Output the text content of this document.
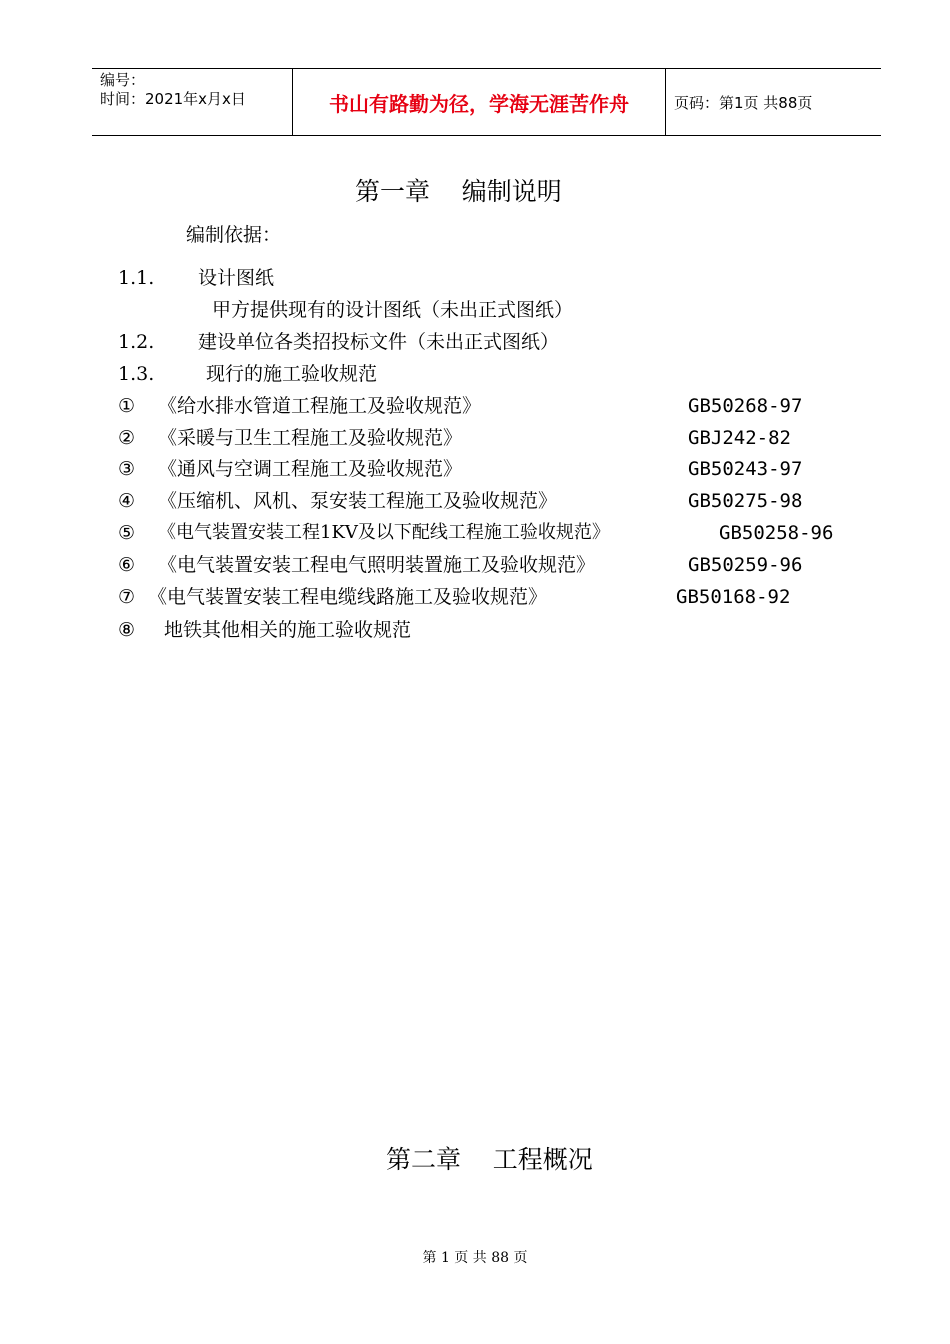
编号：
时间：2021年x月x日	书山有路勤为径，学海无涯苦作舟	页码：第1页 共88页
第一章    编制说明
编制依据：
1.1. 设计图纸
甲方提供现有的设计图纸（未出正式图纸）
1.2. 建设单位各类招投标文件（未出正式图纸）
1.3.	现行的施工验收规范
① 《给水排水管道工程施工及验收规范》	GB50268-97
② 《采暖与卫生工程施工及验收规范》	GBJ242-82
③ 《通风与空调工程施工及验收规范》	GB50243-97
④ 《压缩机、风机、泵安装工程施工及验收规范》	GB50275-98
⑤ 《电气装置安装工程1KV及以下配线工程施工验收规范》	GB50258-96
⑥ 《电气装置安装工程电气照明装置施工及验收规范》	GB50259-96
⑦ 《电气装置安装工程电缆线路施工及验收规范》	GB50168-92
⑧ 地铁其他相关的施工验收规范
第二章    工程概况
第 1 页 共 88 页
